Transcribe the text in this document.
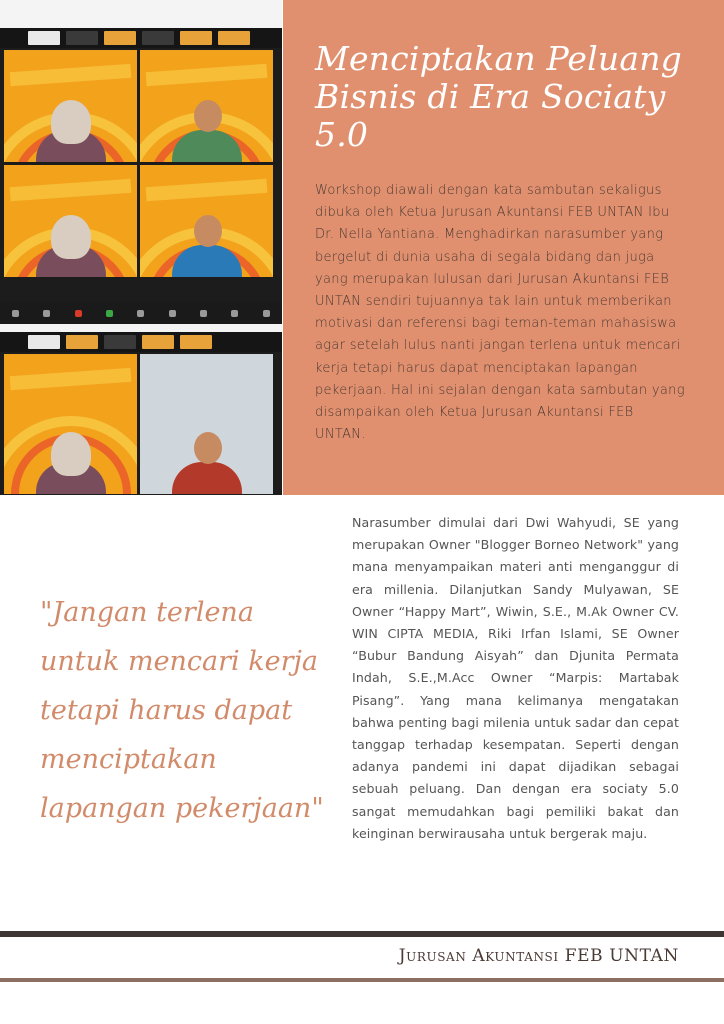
Menciptakan Peluang Bisnis di Era Sociaty 5.0

Workshop diawali dengan kata sambutan sekaligus dibuka oleh Ketua Jurusan Akuntansi FEB UNTAN Ibu Dr. Nella Yantiana. Menghadirkan narasumber yang bergelut di dunia usaha di segala bidang dan juga yang merupakan lulusan dari Jurusan Akuntansi FEB UNTAN sendiri tujuannya tak lain untuk memberikan motivasi dan referensi bagi teman-teman mahasiswa agar setelah lulus nanti jangan terlena untuk mencari kerja tetapi harus dapat menciptakan lapangan pekerjaan. Hal ini sejalan dengan kata sambutan yang disampaikan oleh Ketua Jurusan Akuntansi FEB UNTAN.

"Jangan terlena untuk mencari kerja tetapi harus dapat menciptakan lapangan pekerjaan"

Narasumber dimulai dari Dwi Wahyudi, SE yang merupakan Owner "Blogger Borneo Network" yang mana menyampaikan materi anti menganggur di era millenia. Dilanjutkan Sandy Mulyawan, SE Owner “Happy Mart”, Wiwin, S.E., M.Ak Owner CV. WIN CIPTA MEDIA, Riki Irfan Islami, SE Owner “Bubur Bandung Aisyah” dan Djunita Permata Indah, S.E.,M.Acc Owner “Marpis: Martabak Pisang”. Yang mana kelimanya mengatakan bahwa penting bagi milenia untuk sadar dan cepat tanggap terhadap kesempatan. Seperti dengan adanya pandemi ini dapat dijadikan sebagai sebuah peluang. Dan dengan era sociaty 5.0 sangat memudahkan bagi pemiliki bakat dan keinginan berwirausaha untuk bergerak maju.

Jurusan Akuntansi FEB UNTAN
